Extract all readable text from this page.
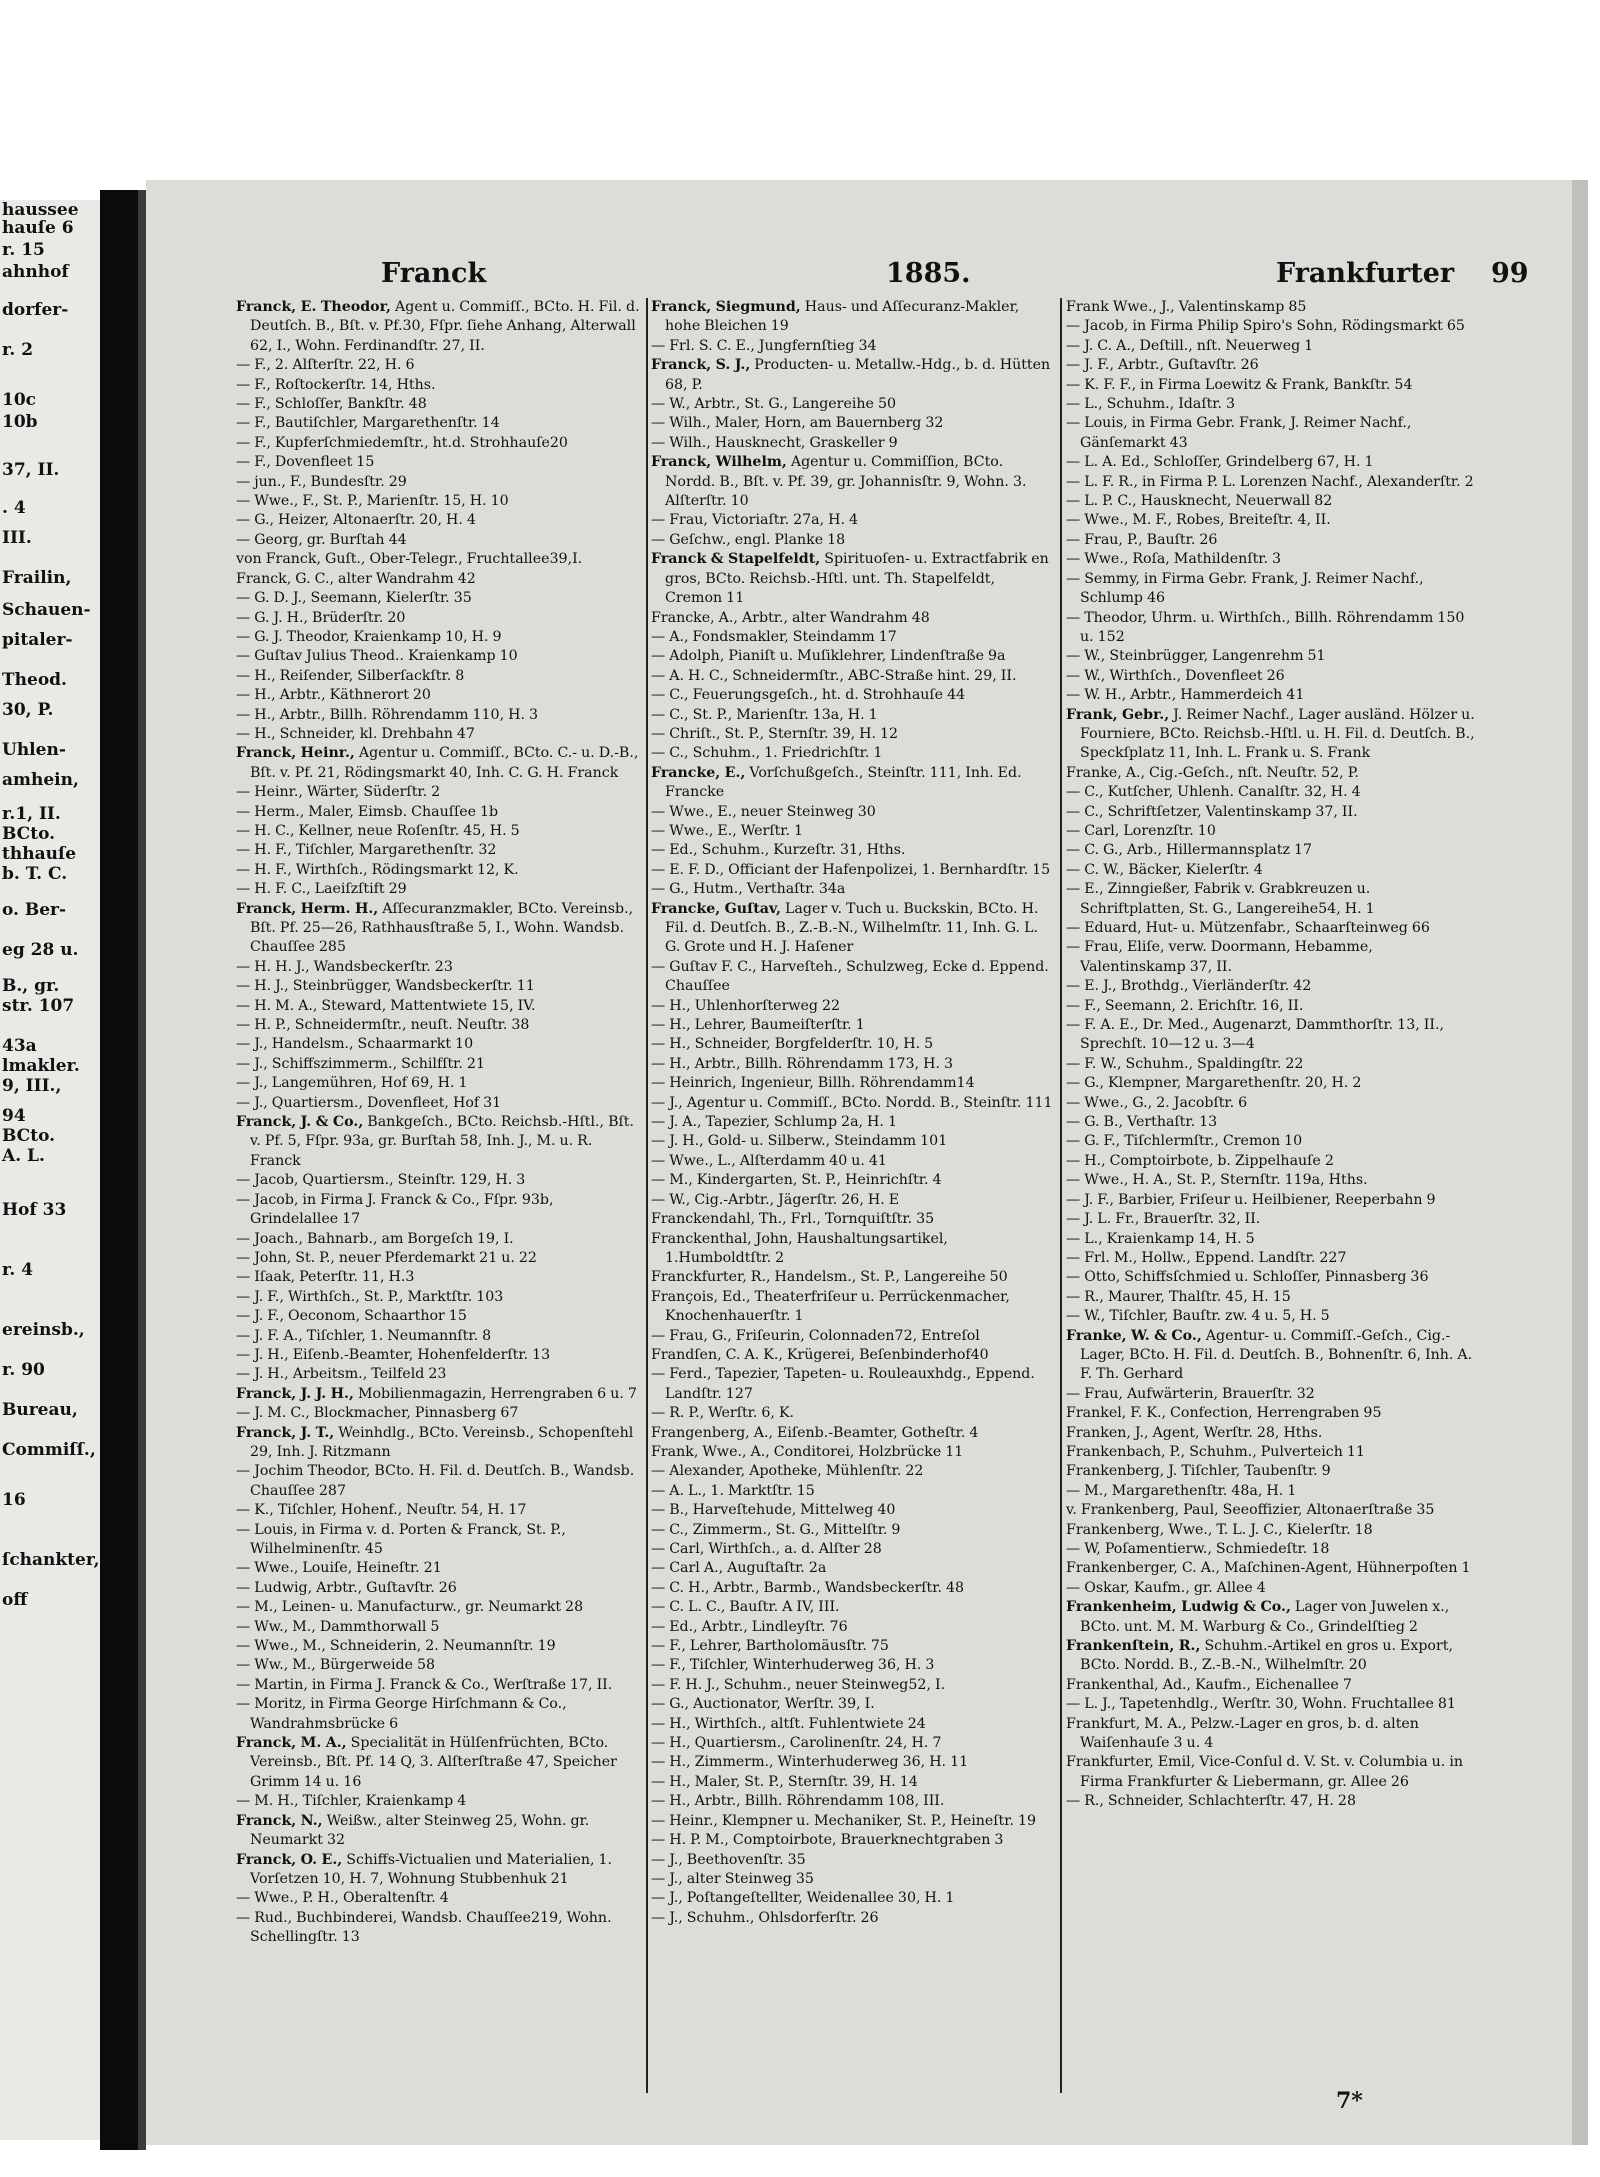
haussee
hauſe 6
r. 15
ahnhof
dorfer-
r. 2
10c
10b
37, II.
. 4
III.
Frailin,
Schauen-
pitaler-
Theod.
30, P.
Uhlen-
amhein,
r.1, II.
BCto.
thhauſe
b. T. C.
o. Ber-
eg 28 u.
B., gr.
str. 107
43a
lmakler.
9, III.,
94
BCto.
A. L.
Hof 33
r. 4
ereinsb.,
r. 90
Bureau,
Commiſſ.,
16
ſchankter,
off
Franck	1885.	Frankfurter 99

Franck, E. Theodor, Agent u. Commiſſ., BCto. H. Fil. d. Deutſch. B., Bſt. v. Pf.30, Fſpr. ſiehe Anhang, Alterwall 62, I., Wohn. Ferdinandſtr. 27, II.

— F., 2. Alſterſtr. 22, H. 6

— F., Roſtockerſtr. 14, Hths.

— F., Schloſſer, Bankſtr. 48

— F., Bautiſchler, Margarethenſtr. 14

— F., Kupferſchmiedemſtr., ht.d. Strohhauſe20

— F., Dovenfleet 15

— jun., F., Bundesſtr. 29

— Wwe., F., St. P., Marienſtr. 15, H. 10

— G., Heizer, Altonaerſtr. 20, H. 4

— Georg, gr. Burſtah 44

von Franck, Guſt., Ober-Telegr., Fruchtallee39,I.

Franck, G. C., alter Wandrahm 42

— G. D. J., Seemann, Kielerſtr. 35

— G. J. H., Brüderſtr. 20

— G. J. Theodor, Kraienkamp 10, H. 9

— Guſtav Julius Theod.. Kraienkamp 10

— H., Reiſender, Silberſackſtr. 8

— H., Arbtr., Käthnerort 20

— H., Arbtr., Billh. Röhrendamm 110, H. 3

— H., Schneider, kl. Drehbahn 47

Franck, Heinr., Agentur u. Commiſſ., BCto. C.- u. D.-B., Bſt. v. Pf. 21, Rödingsmarkt 40, Inh. C. G. H. Franck

— Heinr., Wärter, Süderſtr. 2

— Herm., Maler, Eimsb. Chauſſee 1b

— H. C., Kellner, neue Roſenſtr. 45, H. 5

— H. F., Tiſchler, Margarethenſtr. 32

— H. F., Wirthſch., Rödingsmarkt 12, K.

— H. F. C., Laeiſzſtift 29

Franck, Herm. H., Aſſecuranzmakler, BCto. Vereinsb., Bſt. Pf. 25—26, Rathhausſtraße 5, I., Wohn. Wandsb. Chauſſee 285

— H. H. J., Wandsbeckerſtr. 23

— H. J., Steinbrügger, Wandsbeckerſtr. 11

— H. M. A., Steward, Mattentwiete 15, IV.

— H. P., Schneidermſtr., neuſt. Neuſtr. 38

— J., Handelsm., Schaarmarkt 10

— J., Schiffszimmerm., Schilfſtr. 21

— J., Langemühren, Hof 69, H. 1

— J., Quartiersm., Dovenfleet, Hof 31

Franck, J. & Co., Bankgeſch., BCto. Reichsb.-Hſtl., Bſt. v. Pf. 5, Fſpr. 93a, gr. Burſtah 58, Inh. J., M. u. R. Franck

— Jacob, Quartiersm., Steinſtr. 129, H. 3

— Jacob, in Firma J. Franck & Co., Fſpr. 93b, Grindelallee 17

— Joach., Bahnarb., am Borgeſch 19, I.

— John, St. P., neuer Pferdemarkt 21 u. 22

— Iſaak, Peterſtr. 11, H.3

— J. F., Wirthſch., St. P., Marktſtr. 103

— J. F., Oeconom, Schaarthor 15

— J. F. A., Tiſchler, 1. Neumannſtr. 8

— J. H., Eiſenb.-Beamter, Hohenfelderſtr. 13

— J. H., Arbeitsm., Teilfeld 23

Franck, J. J. H., Mobilienmagazin, Herrengraben 6 u. 7

— J. M. C., Blockmacher, Pinnasberg 67

Franck, J. T., Weinhdlg., BCto. Vereinsb., Schopenſtehl 29, Inh. J. Ritzmann

— Jochim Theodor, BCto. H. Fil. d. Deutſch. B., Wandsb. Chauſſee 287

— K., Tiſchler, Hohenf., Neuſtr. 54, H. 17

— Louis, in Firma v. d. Porten & Franck, St. P., Wilhelminenſtr. 45

— Wwe., Louiſe, Heineſtr. 21

— Ludwig, Arbtr., Guſtavſtr. 26

— M., Leinen- u. Manufacturw., gr. Neumarkt 28

— Ww., M., Dammthorwall 5

— Wwe., M., Schneiderin, 2. Neumannſtr. 19

— Ww., M., Bürgerweide 58

— Martin, in Firma J. Franck & Co., Werſtraße 17, II.

— Moritz, in Firma George Hirſchmann & Co., Wandrahmsbrücke 6

Franck, M. A., Specialität in Hülſenfrüchten, BCto. Vereinsb., Bſt. Pf. 14 Q, 3. Alſterſtraße 47, Speicher Grimm 14 u. 16

— M. H., Tiſchler, Kraienkamp 4

Franck, N., Weißw., alter Steinweg 25, Wohn. gr. Neumarkt 32

Franck, O. E., Schiffs-Victualien und Materialien, 1. Vorſetzen 10, H. 7, Wohnung Stubbenhuk 21

— Wwe., P. H., Oberaltenſtr. 4

— Rud., Buchbinderei, Wandsb. Chauſſee219, Wohn. Schellingſtr. 13

Franck, Siegmund, Haus- und Aſſecuranz-Makler, hohe Bleichen 19

— Frl. S. C. E., Jungfernſtieg 34

Franck, S. J., Producten- u. Metallw.-Hdg., b. d. Hütten 68, P.

— W., Arbtr., St. G., Langereihe 50

— Wilh., Maler, Horn, am Bauernberg 32

— Wilh., Hausknecht, Graskeller 9

Franck, Wilhelm, Agentur u. Commiſſion, BCto. Nordd. B., Bſt. v. Pf. 39, gr. Johannisſtr. 9, Wohn. 3. Alſterſtr. 10

— Frau, Victoriaſtr. 27a, H. 4

— Geſchw., engl. Planke 18

Franck & Stapelfeldt, Spirituoſen- u. Extractfabrik en gros, BCto. Reichsb.-Hſtl. unt. Th. Stapelfeldt, Cremon 11

Francke, A., Arbtr., alter Wandrahm 48

— A., Fondsmakler, Steindamm 17

— Adolph, Pianiſt u. Muſiklehrer, Lindenſtraße 9a

— A. H. C., Schneidermſtr., ABC-Straße hint. 29, II.

— C., Feuerungsgeſch., ht. d. Strohhauſe 44

— C., St. P., Marienſtr. 13a, H. 1

— Chriſt., St. P., Sternſtr. 39, H. 12

— C., Schuhm., 1. Friedrichſtr. 1

Francke, E., Vorſchußgeſch., Steinſtr. 111, Inh. Ed. Francke

— Wwe., E., neuer Steinweg 30

— Wwe., E., Werſtr. 1

— Ed., Schuhm., Kurzeſtr. 31, Hths.

— E. F. D., Officiant der Hafenpolizei, 1. Bernhardſtr. 15

— G., Hutm., Verthaſtr. 34a

Francke, Guſtav, Lager v. Tuch u. Buckskin, BCto. H. Fil. d. Deutſch. B., Z.-B.-N., Wilhelmſtr. 11, Inh. G. L. G. Grote und H. J. Haſener

— Guſtav F. C., Harveſteh., Schulzweg, Ecke d. Eppend. Chauſſee

— H., Uhlenhorſterweg 22

— H., Lehrer, Baumeiſterſtr. 1

— H., Schneider, Borgfelderſtr. 10, H. 5

— H., Arbtr., Billh. Röhrendamm 173, H. 3

— Heinrich, Ingenieur, Billh. Röhrendamm14

— J., Agentur u. Commiſſ., BCto. Nordd. B., Steinſtr. 111

— J. A., Tapezier, Schlump 2a, H. 1

— J. H., Gold- u. Silberw., Steindamm 101

— Wwe., L., Alſterdamm 40 u. 41

— M., Kindergarten, St. P., Heinrichſtr. 4

— W., Cig.-Arbtr., Jägerſtr. 26, H. E

Franckendahl, Th., Frl., Tornquiſtſtr. 35

Franckenthal, John, Haushaltungsartikel, 1.Humboldtſtr. 2

Franckfurter, R., Handelsm., St. P., Langereihe 50

François, Ed., Theaterfriſeur u. Perrückenmacher, Knochenhauerſtr. 1

— Frau, G., Friſeurin, Colonnaden72, Entreſol

Frandſen, C. A. K., Krügerei, Beſenbinderhof40

— Ferd., Tapezier, Tapeten- u. Rouleauxhdg., Eppend. Landſtr. 127

— R. P., Werſtr. 6, K.

Frangenberg, A., Eiſenb.-Beamter, Gotheſtr. 4

Frank, Wwe., A., Conditorei, Holzbrücke 11

— Alexander, Apotheke, Mühlenſtr. 22

— A. L., 1. Marktſtr. 15

— B., Harveſtehude, Mittelweg 40

— C., Zimmerm., St. G., Mittelſtr. 9

— Carl, Wirthſch., a. d. Alſter 28

— Carl A., Auguſtaſtr. 2a

— C. H., Arbtr., Barmb., Wandsbeckerſtr. 48

— C. L. C., Bauſtr. A IV, III.

— Ed., Arbtr., Lindleyſtr. 76

— F., Lehrer, Bartholomäusſtr. 75

— F., Tiſchler, Winterhuderweg 36, H. 3

— F. H. J., Schuhm., neuer Steinweg52, I.

— G., Auctionator, Werſtr. 39, I.

— H., Wirthſch., altſt. Fuhlentwiete 24

— H., Quartiersm., Carolinenſtr. 24, H. 7

— H., Zimmerm., Winterhuderweg 36, H. 11

— H., Maler, St. P., Sternſtr. 39, H. 14

— H., Arbtr., Billh. Röhrendamm 108, III.

— Heinr., Klempner u. Mechaniker, St. P., Heineſtr. 19

— H. P. M., Comptoirbote, Brauerknechtgraben 3

— J., Beethovenſtr. 35

— J., alter Steinweg 35

— J., Poſtangeſtellter, Weidenallee 30, H. 1

— J., Schuhm., Ohlsdorferſtr. 26

Frank Wwe., J., Valentinskamp 85

— Jacob, in Firma Philip Spiro's Sohn, Rödingsmarkt 65

— J. C. A., Deſtill., nſt. Neuerweg 1

— J. F., Arbtr., Guſtavſtr. 26

— K. F. F., in Firma Loewitz & Frank, Bankſtr. 54

— L., Schuhm., Idaſtr. 3

— Louis, in Firma Gebr. Frank, J. Reimer Nachf., Gänſemarkt 43

— L. A. Ed., Schloſſer, Grindelberg 67, H. 1

— L. F. R., in Firma P. L. Lorenzen Nachf., Alexanderſtr. 2

— L. P. C., Hausknecht, Neuerwall 82

— Wwe., M. F., Robes, Breiteſtr. 4, II.

— Frau, P., Bauſtr. 26

— Wwe., Roſa, Mathildenſtr. 3

— Semmy, in Firma Gebr. Frank, J. Reimer Nachf., Schlump 46

— Theodor, Uhrm. u. Wirthſch., Billh. Röhrendamm 150 u. 152

— W., Steinbrügger, Langenrehm 51

— W., Wirthſch., Dovenfleet 26

— W. H., Arbtr., Hammerdeich 41

Frank, Gebr., J. Reimer Nachf., Lager ausländ. Hölzer u. Fourniere, BCto. Reichsb.-Hſtl. u. H. Fil. d. Deutſch. B., Speckſplatz 11, Inh. L. Frank u. S. Frank

Franke, A., Cig.-Geſch., nſt. Neuſtr. 52, P.

— C., Kutſcher, Uhlenh. Canalſtr. 32, H. 4

— C., Schriftſetzer, Valentinskamp 37, II.

— Carl, Lorenzſtr. 10

— C. G., Arb., Hillermannsplatz 17

— C. W., Bäcker, Kielerſtr. 4

— E., Zinngießer, Fabrik v. Grabkreuzen u. Schriftplatten, St. G., Langereihe54, H. 1

— Eduard, Hut- u. Mützenfabr., Schaarſteinweg 66

— Frau, Eliſe, verw. Doormann, Hebamme, Valentinskamp 37, II.

— E. J., Brothdg., Vierländerſtr. 42

— F., Seemann, 2. Erichſtr. 16, II.

— F. A. E., Dr. Med., Augenarzt, Dammthorſtr. 13, II., Sprechſt. 10—12 u. 3—4

— F. W., Schuhm., Spaldingſtr. 22

— G., Klempner, Margarethenſtr. 20, H. 2

— Wwe., G., 2. Jacobſtr. 6

— G. B., Verthaſtr. 13

— G. F., Tiſchlermſtr., Cremon 10

— H., Comptoirbote, b. Zippelhauſe 2

— Wwe., H. A., St. P., Sternſtr. 119a, Hths.

— J. F., Barbier, Friſeur u. Heilbiener, Reeperbahn 9

— J. L. Fr., Brauerſtr. 32, II.

— L., Kraienkamp 14, H. 5

— Frl. M., Hollw., Eppend. Landſtr. 227

— Otto, Schiffsſchmied u. Schloſſer, Pinnasberg 36

— R., Maurer, Thalſtr. 45, H. 15

— W., Tiſchler, Bauſtr. zw. 4 u. 5, H. 5

Franke, W. & Co., Agentur- u. Commiſſ.-Geſch., Cig.-Lager, BCto. H. Fil. d. Deutſch. B., Bohnenſtr. 6, Inh. A. F. Th. Gerhard

— Frau, Aufwärterin, Brauerſtr. 32

Frankel, F. K., Confection, Herrengraben 95

Franken, J., Agent, Werſtr. 28, Hths.

Frankenbach, P., Schuhm., Pulverteich 11

Frankenberg, J. Tiſchler, Taubenſtr. 9

— M., Margarethenſtr. 48a, H. 1

v. Frankenberg, Paul, Seeoffizier, Altonaerſtraße 35

Frankenberg, Wwe., T. L. J. C., Kielerſtr. 18

— W, Poſamentierw., Schmiedeſtr. 18

Frankenberger, C. A., Maſchinen-Agent, Hühnerpoſten 1

— Oskar, Kaufm., gr. Allee 4

Frankenheim, Ludwig & Co., Lager von Juwelen x., BCto. unt. M. M. Warburg & Co., Grindelſtieg 2

Frankenſtein, R., Schuhm.-Artikel en gros u. Export, BCto. Nordd. B., Z.-B.-N., Wilhelmſtr. 20

Frankenthal, Ad., Kaufm., Eichenallee 7

— L. J., Tapetenhdlg., Werſtr. 30, Wohn. Fruchtallee 81

Frankfurt, M. A., Pelzw.-Lager en gros, b. d. alten Waiſenhauſe 3 u. 4

Frankfurter, Emil, Vice-Conſul d. V. St. v. Columbia u. in Firma Frankfurter & Liebermann, gr. Allee 26

— R., Schneider, Schlachterſtr. 47, H. 28

7*
